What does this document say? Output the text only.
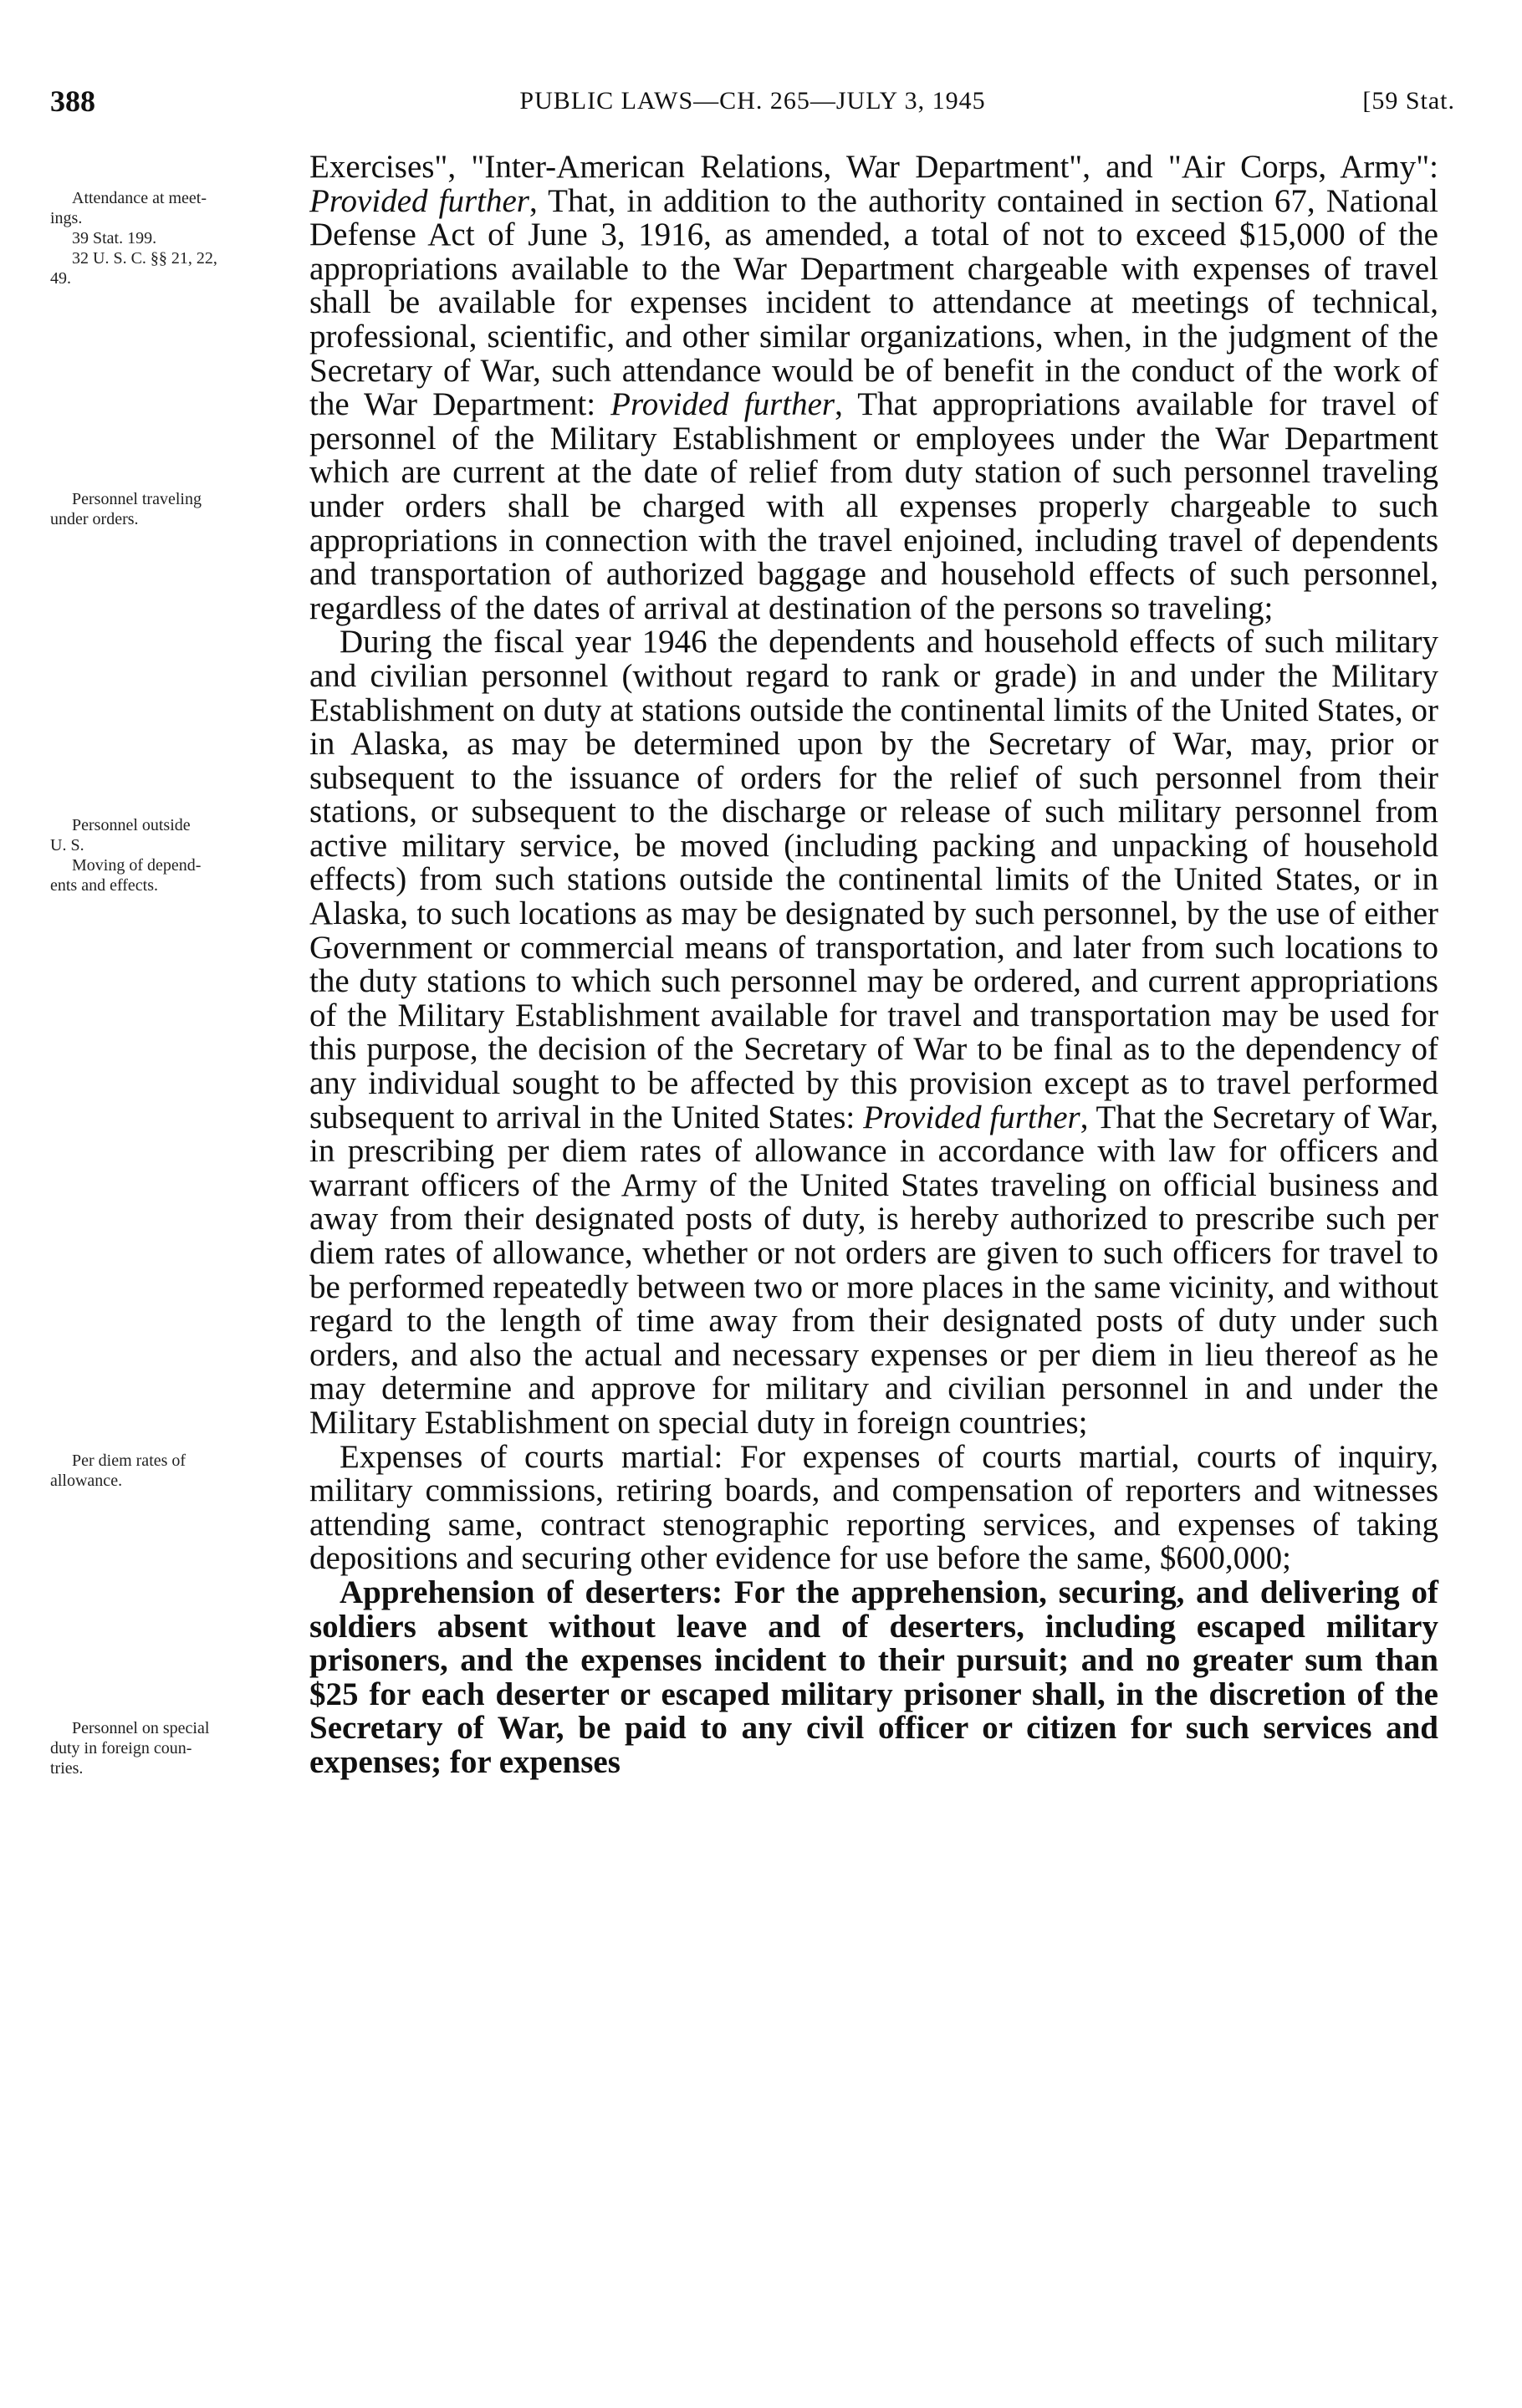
388	PUBLIC LAWS—CH. 265—JULY 3, 1945	[59 Stat.
Attendance at meet-
ings.
39 Stat. 199.
32 U. S. C. §§ 21, 22,
49.
Personnel traveling
under orders.
Personnel outside
U. S.
Moving of depend-
ents and effects.
Per diem rates of
allowance.
Personnel on special
duty in foreign coun-
tries.

Exercises", "Inter-American Relations, War Department", and "Air Corps, Army": Provided further, That, in addition to the authority contained in section 67, National Defense Act of June 3, 1916, as amended, a total of not to exceed $15,000 of the appropriations available to the War Department chargeable with expenses of travel shall be available for expenses incident to attendance at meetings of technical, professional, scientific, and other similar organizations, when, in the judgment of the Secretary of War, such attendance would be of benefit in the conduct of the work of the War Department: Provided further, That appropriations available for travel of personnel of the Military Establishment or employees under the War Department which are current at the date of relief from duty station of such personnel traveling under orders shall be charged with all expenses properly chargeable to such appropriations in connection with the travel enjoined, including travel of dependents and transportation of authorized baggage and household effects of such personnel, regardless of the dates of arrival at destination of the persons so traveling;

During the fiscal year 1946 the dependents and household effects of such military and civilian personnel (without regard to rank or grade) in and under the Military Establishment on duty at stations outside the continental limits of the United States, or in Alaska, as may be determined upon by the Secretary of War, may, prior or subsequent to the issuance of orders for the relief of such personnel from their stations, or subsequent to the discharge or release of such military personnel from active military service, be moved (including packing and unpacking of household effects) from such stations outside the continental limits of the United States, or in Alaska, to such locations as may be designated by such personnel, by the use of either Government or commercial means of transportation, and later from such locations to the duty stations to which such personnel may be ordered, and current appropriations of the Military Establishment available for travel and transportation may be used for this purpose, the decision of the Secretary of War to be final as to the dependency of any individual sought to be affected by this provision except as to travel performed subsequent to arrival in the United States: Provided further, That the Secretary of War, in prescribing per diem rates of allowance in accordance with law for officers and warrant officers of the Army of the United States traveling on official business and away from their designated posts of duty, is hereby authorized to prescribe such per diem rates of allowance, whether or not orders are given to such officers for travel to be performed repeatedly between two or more places in the same vicinity, and without regard to the length of time away from their designated posts of duty under such orders, and also the actual and necessary expenses or per diem in lieu thereof as he may determine and approve for military and civilian personnel in and under the Military Establishment on special duty in foreign countries;

Expenses of courts martial: For expenses of courts martial, courts of inquiry, military commissions, retiring boards, and compensation of reporters and witnesses attending same, contract stenographic reporting services, and expenses of taking depositions and securing other evidence for use before the same, $600,000;

Apprehension of deserters: For the apprehension, securing, and delivering of soldiers absent without leave and of deserters, including escaped military prisoners, and the expenses incident to their pursuit; and no greater sum than $25 for each deserter or escaped military prisoner shall, in the discretion of the Secretary of War, be paid to any civil officer or citizen for such services and expenses; for expenses
